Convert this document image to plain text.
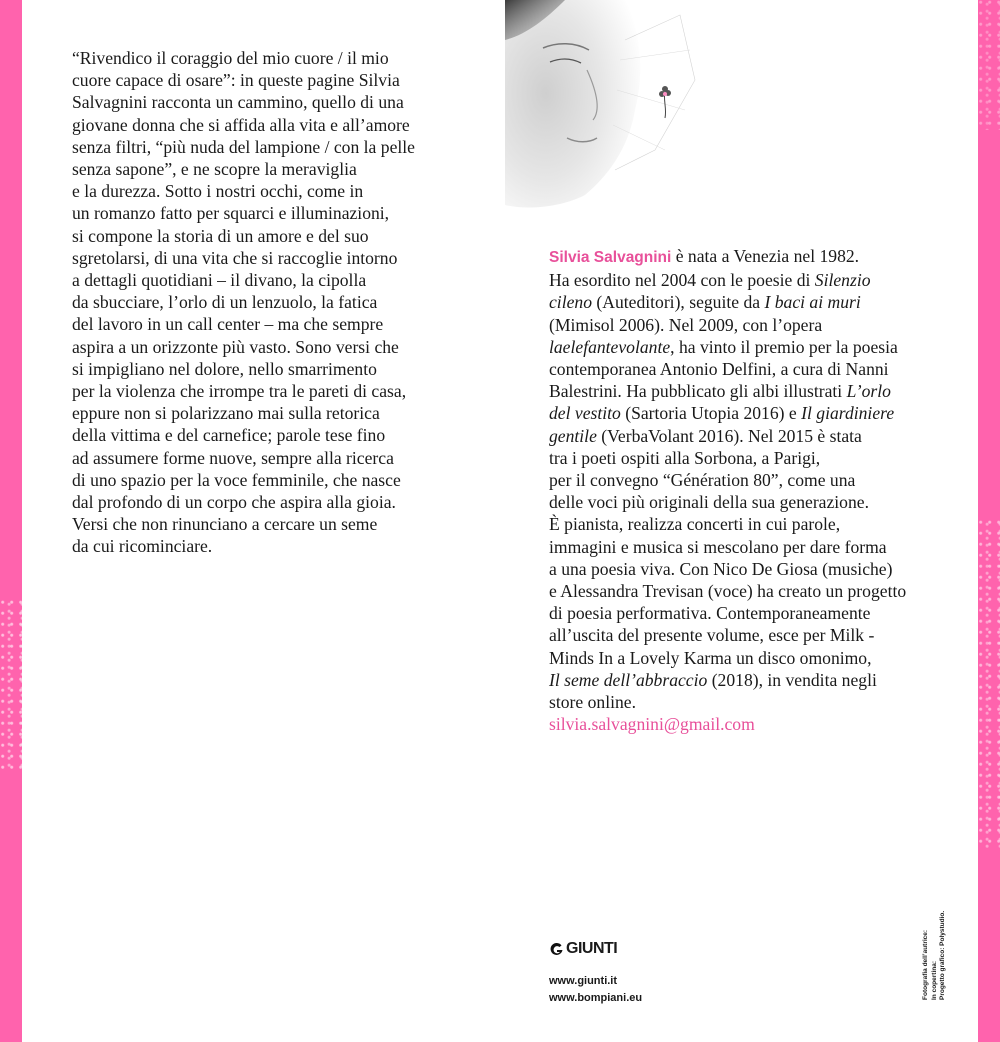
“Rivendico il coraggio del mio cuore / il mio

cuore capace di osare”: in queste pagine Silvia

Salvagnini racconta un cammino, quello di una

giovane donna che si affida alla vita e all’amore

senza filtri, “più nuda del lampione / con la pelle

senza sapone”, e ne scopre la meraviglia

e la durezza. Sotto i nostri occhi, come in

un romanzo fatto per squarci e illuminazioni,

si compone la storia di un amore e del suo

sgretolarsi, di una vita che si raccoglie intorno

a dettagli quotidiani – il divano, la cipolla

da sbucciare, l’orlo di un lenzuolo, la fatica

del lavoro in un call center – ma che sempre

aspira a un orizzonte più vasto. Sono versi che

si impigliano nel dolore, nello smarrimento

per la violenza che irrompe tra le pareti di casa,

eppure non si polarizzano mai sulla retorica

della vittima e del carnefice; parole tese fino

ad assumere forme nuove, sempre alla ricerca

di uno spazio per la voce femminile, che nasce

dal profondo di un corpo che aspira alla gioia.

Versi che non rinunciano a cercare un seme

da cui ricominciare.

Silvia Salvagnini è nata a Venezia nel 1982.

Ha esordito nel 2004 con le poesie di Silenzio

cileno (Auteditori), seguite da I baci ai muri

(Mimisol 2006). Nel 2009, con l’opera

laelefantevolante, ha vinto il premio per la poesia

contemporanea Antonio Delfini, a cura di Nanni

Balestrini. Ha pubblicato gli albi illustrati L’orlo

del vestito (Sartoria Utopia 2016) e Il giardiniere

gentile (VerbaVolant 2016). Nel 2015 è stata

tra i poeti ospiti alla Sorbona, a Parigi,

per il convegno “Génération 80”, come una

delle voci più originali della sua generazione.

È pianista, realizza concerti in cui parole,

immagini e musica si mescolano per dare forma

a una poesia viva. Con Nico De Giosa (musiche)

e Alessandra Trevisan (voce) ha creato un progetto

di poesia performativa. Contemporaneamente

all’uscita del presente volume, esce per Milk -

Minds In a Lovely Karma un disco omonimo,

Il seme dell’abbraccio (2018), in vendita negli

store online.

silvia.salvagnini@gmail.com

GIUNTI
www.giunti.it
www.bompiani.eu	Fotografia dell’autrice: In copertina: Progetto grafico: Polystudio.
